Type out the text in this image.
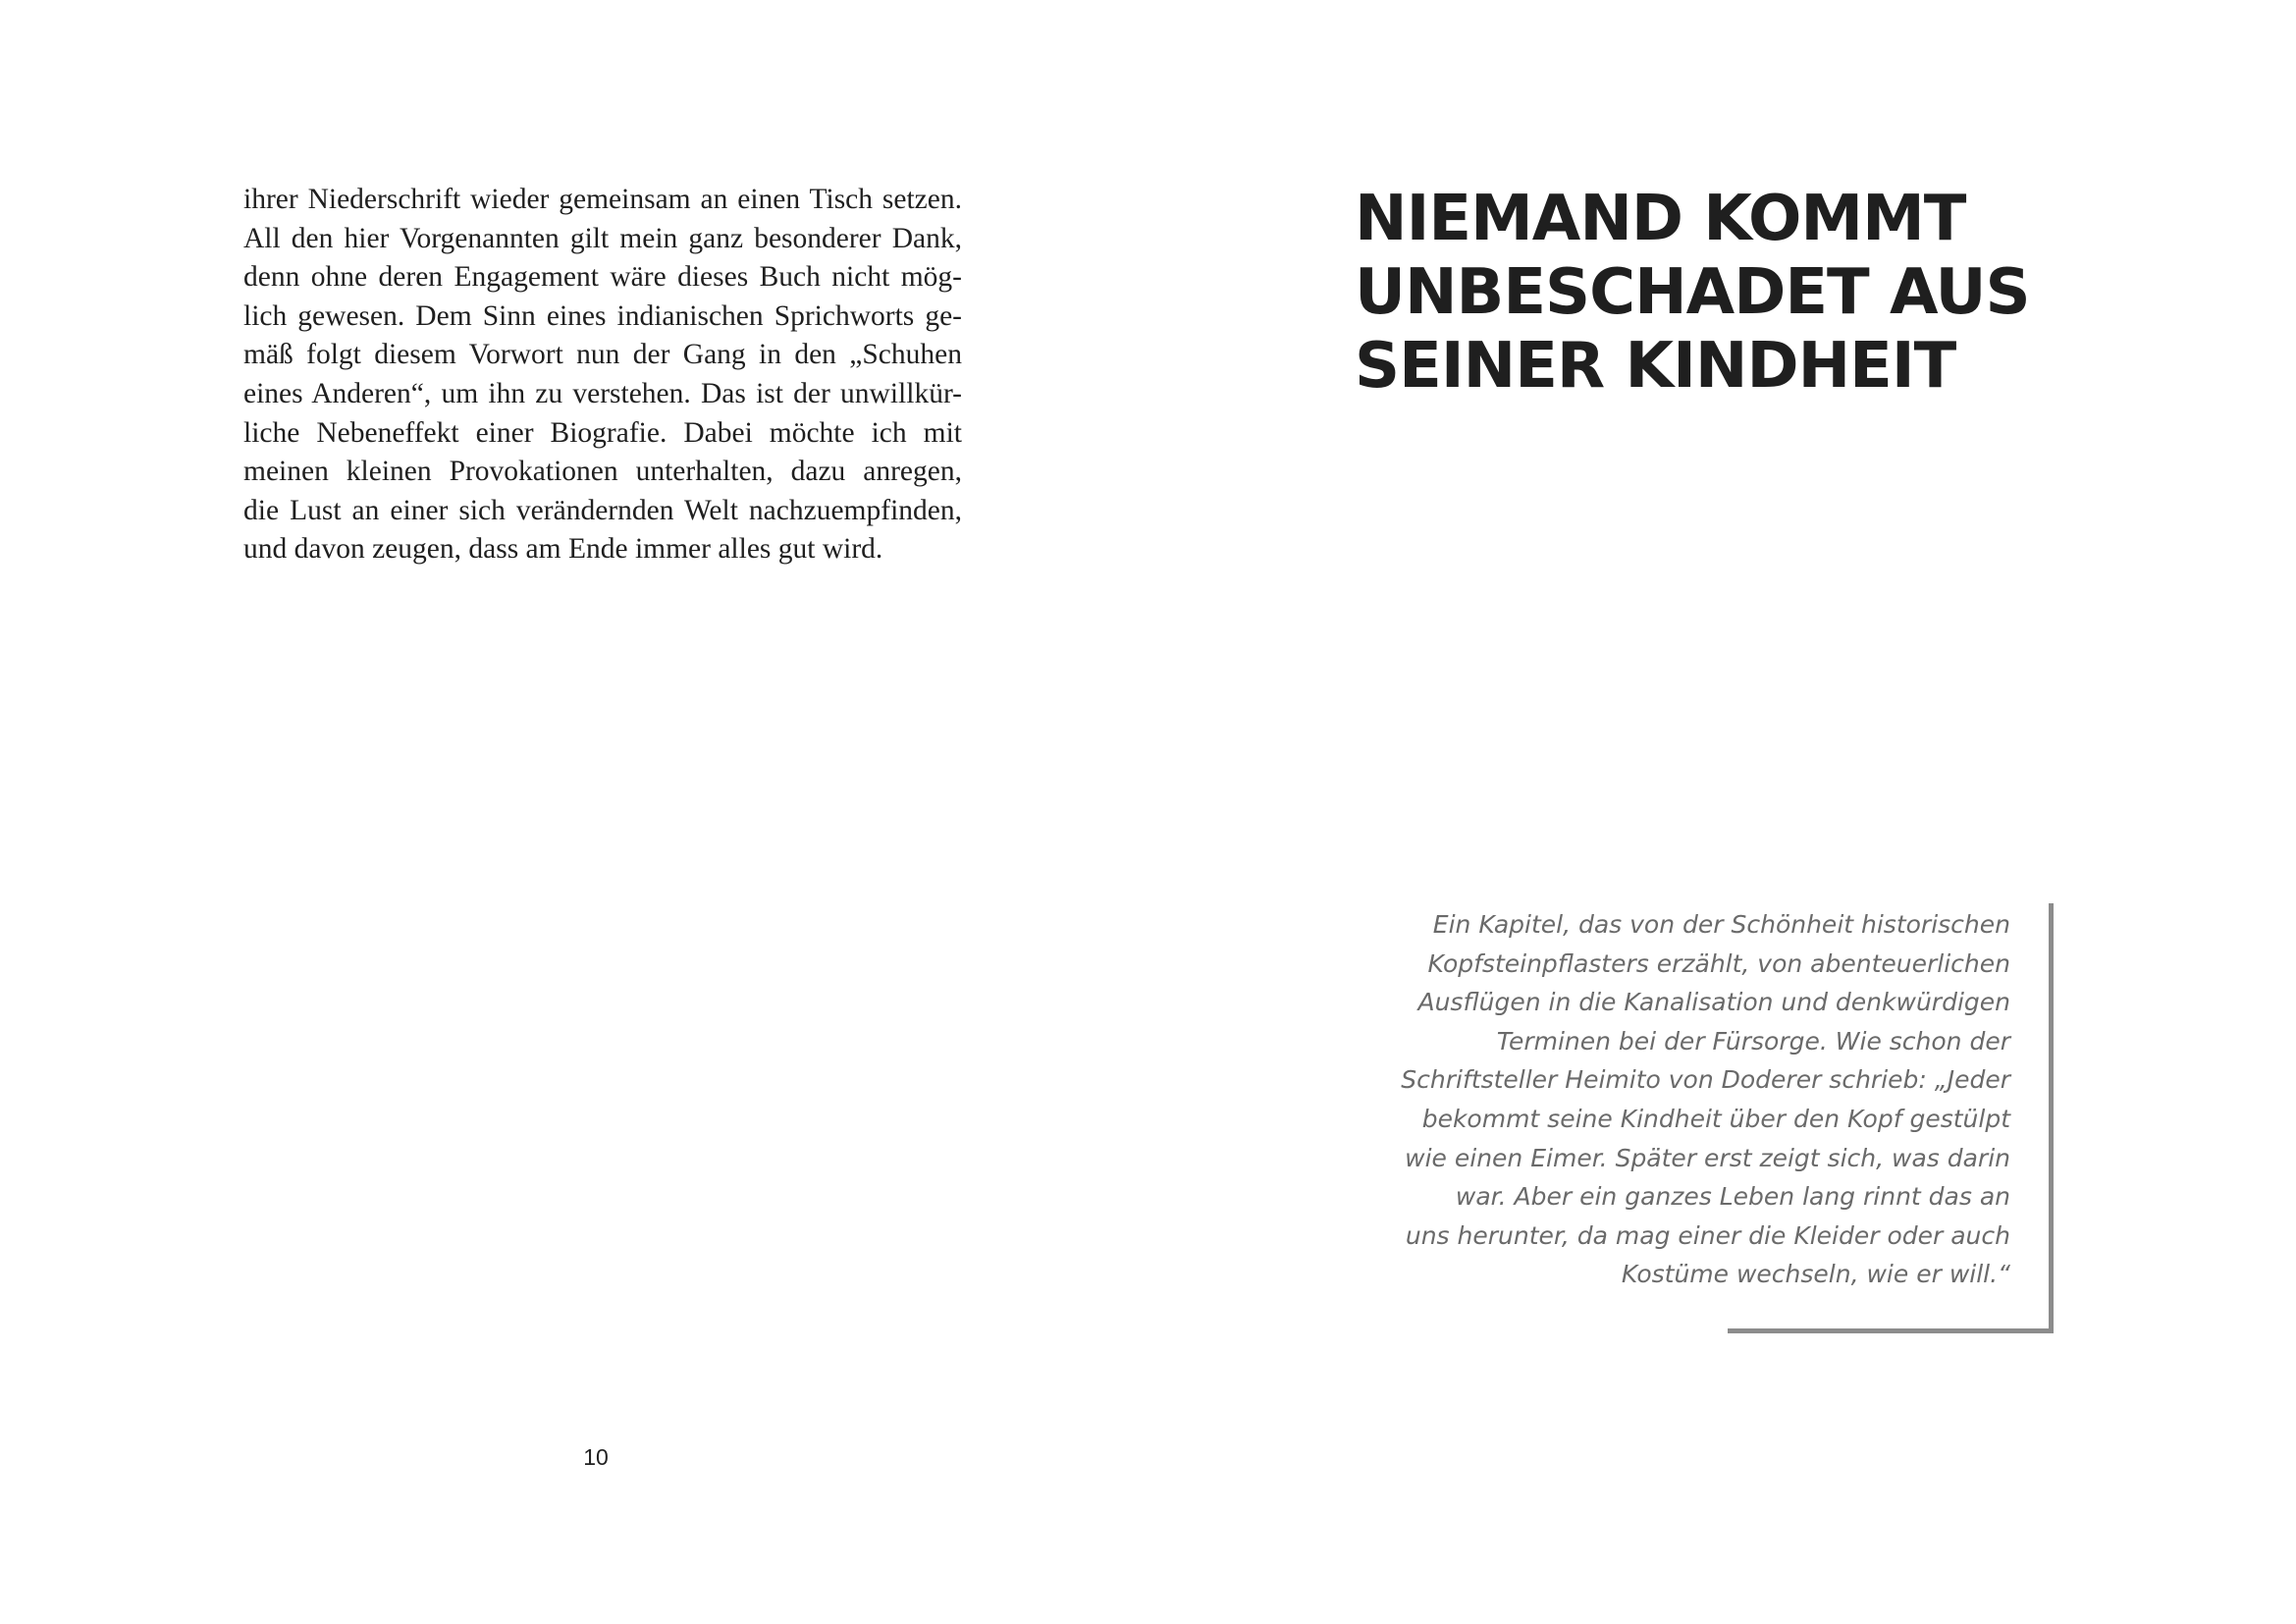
ihrer Niederschrift wieder gemeinsam an einen Tisch setzen.
All den hier Vorgenannten gilt mein ganz besonderer Dank,
denn ohne deren Engagement wäre dieses Buch nicht mög-
lich gewesen. Dem Sinn eines indianischen Sprichworts ge-
mäß folgt diesem Vorwort nun der Gang in den „Schuhen
eines Anderen“, um ihn zu verstehen. Das ist der unwillkür-
liche Nebeneffekt einer Biografie. Dabei möchte ich mit
meinen kleinen Provokationen unterhalten, dazu anregen,
die Lust an einer sich verändernden Welt nachzuempfinden,
und davon zeugen, dass am Ende immer alles gut wird.
10
NIEMAND KOMMT
UNBESCHADET AUS
SEINER KINDHEIT
Ein Kapitel, das von der Schönheit historischen
Kopfsteinpflasters erzählt, von abenteuerlichen
Ausflügen in die Kanalisation und denkwürdigen
Terminen bei der Fürsorge. Wie schon der
Schriftsteller Heimito von Doderer schrieb: „Jeder
bekommt seine Kindheit über den Kopf gestülpt
wie einen Eimer. Später erst zeigt sich, was darin
war. Aber ein ganzes Leben lang rinnt das an
uns herunter, da mag einer die Kleider oder auch
Kostüme wechseln, wie er will.“
